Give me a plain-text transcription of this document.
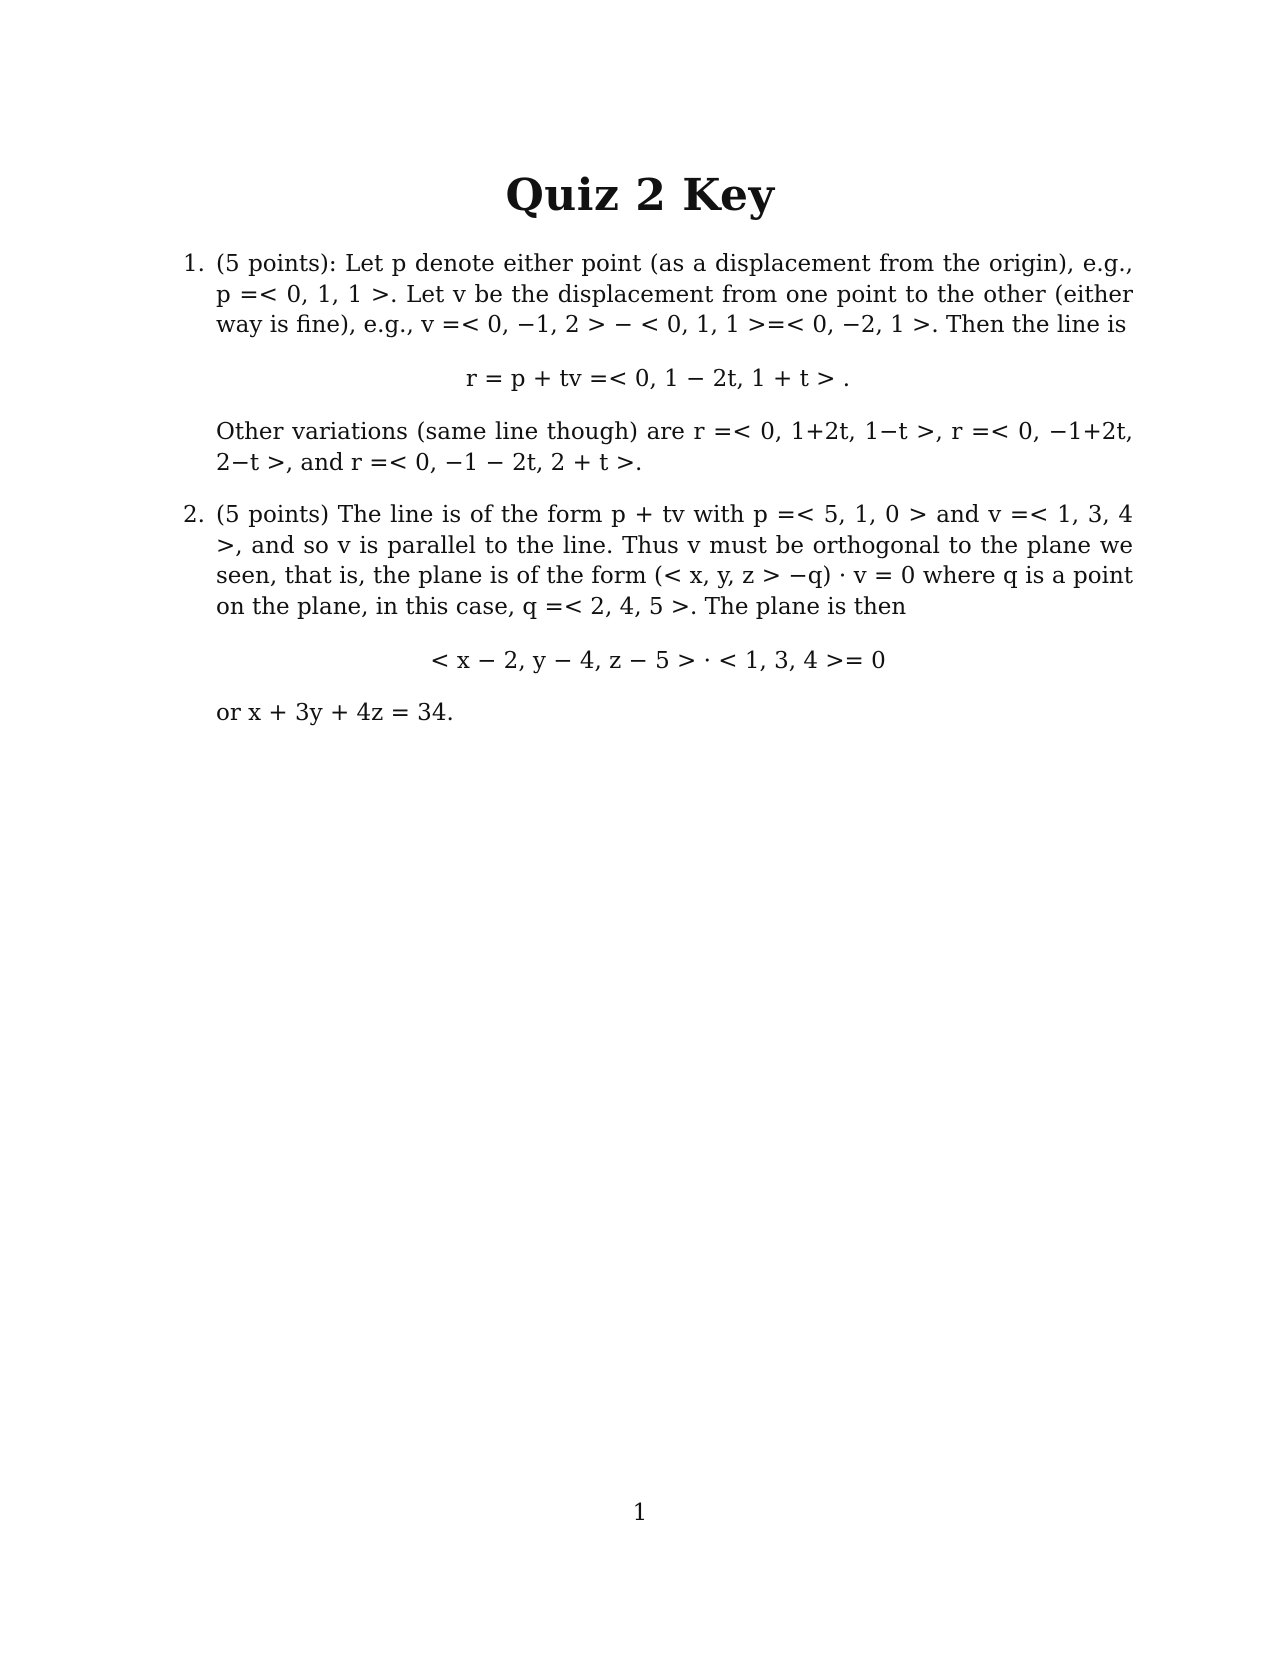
Quiz 2 Key
1. (5 points): Let p denote either point (as a displacement from the origin), e.g., p =< 0, 1, 1 >. Let v be the displacement from one point to the other (either way is fine), e.g., v =< 0, −1, 2 > − < 0, 1, 1 >=< 0, −2, 1 >. Then the line is

r = p + tv =< 0, 1 − 2t, 1 + t > .

Other variations (same line though) are r =< 0, 1+2t, 1−t >, r =< 0, −1+2t, 2−t >, and r =< 0, −1 − 2t, 2 + t >.

2. (5 points) The line is of the form p + tv with p =< 5, 1, 0 > and v =< 1, 3, 4 >, and so v is parallel to the line. Thus v must be orthogonal to the plane we seen, that is, the plane is of the form (< x, y, z > −q) · v = 0 where q is a point on the plane, in this case, q =< 2, 4, 5 >. The plane is then

< x − 2, y − 4, z − 5 > · < 1, 3, 4 >= 0

or x + 3y + 4z = 34.

1
